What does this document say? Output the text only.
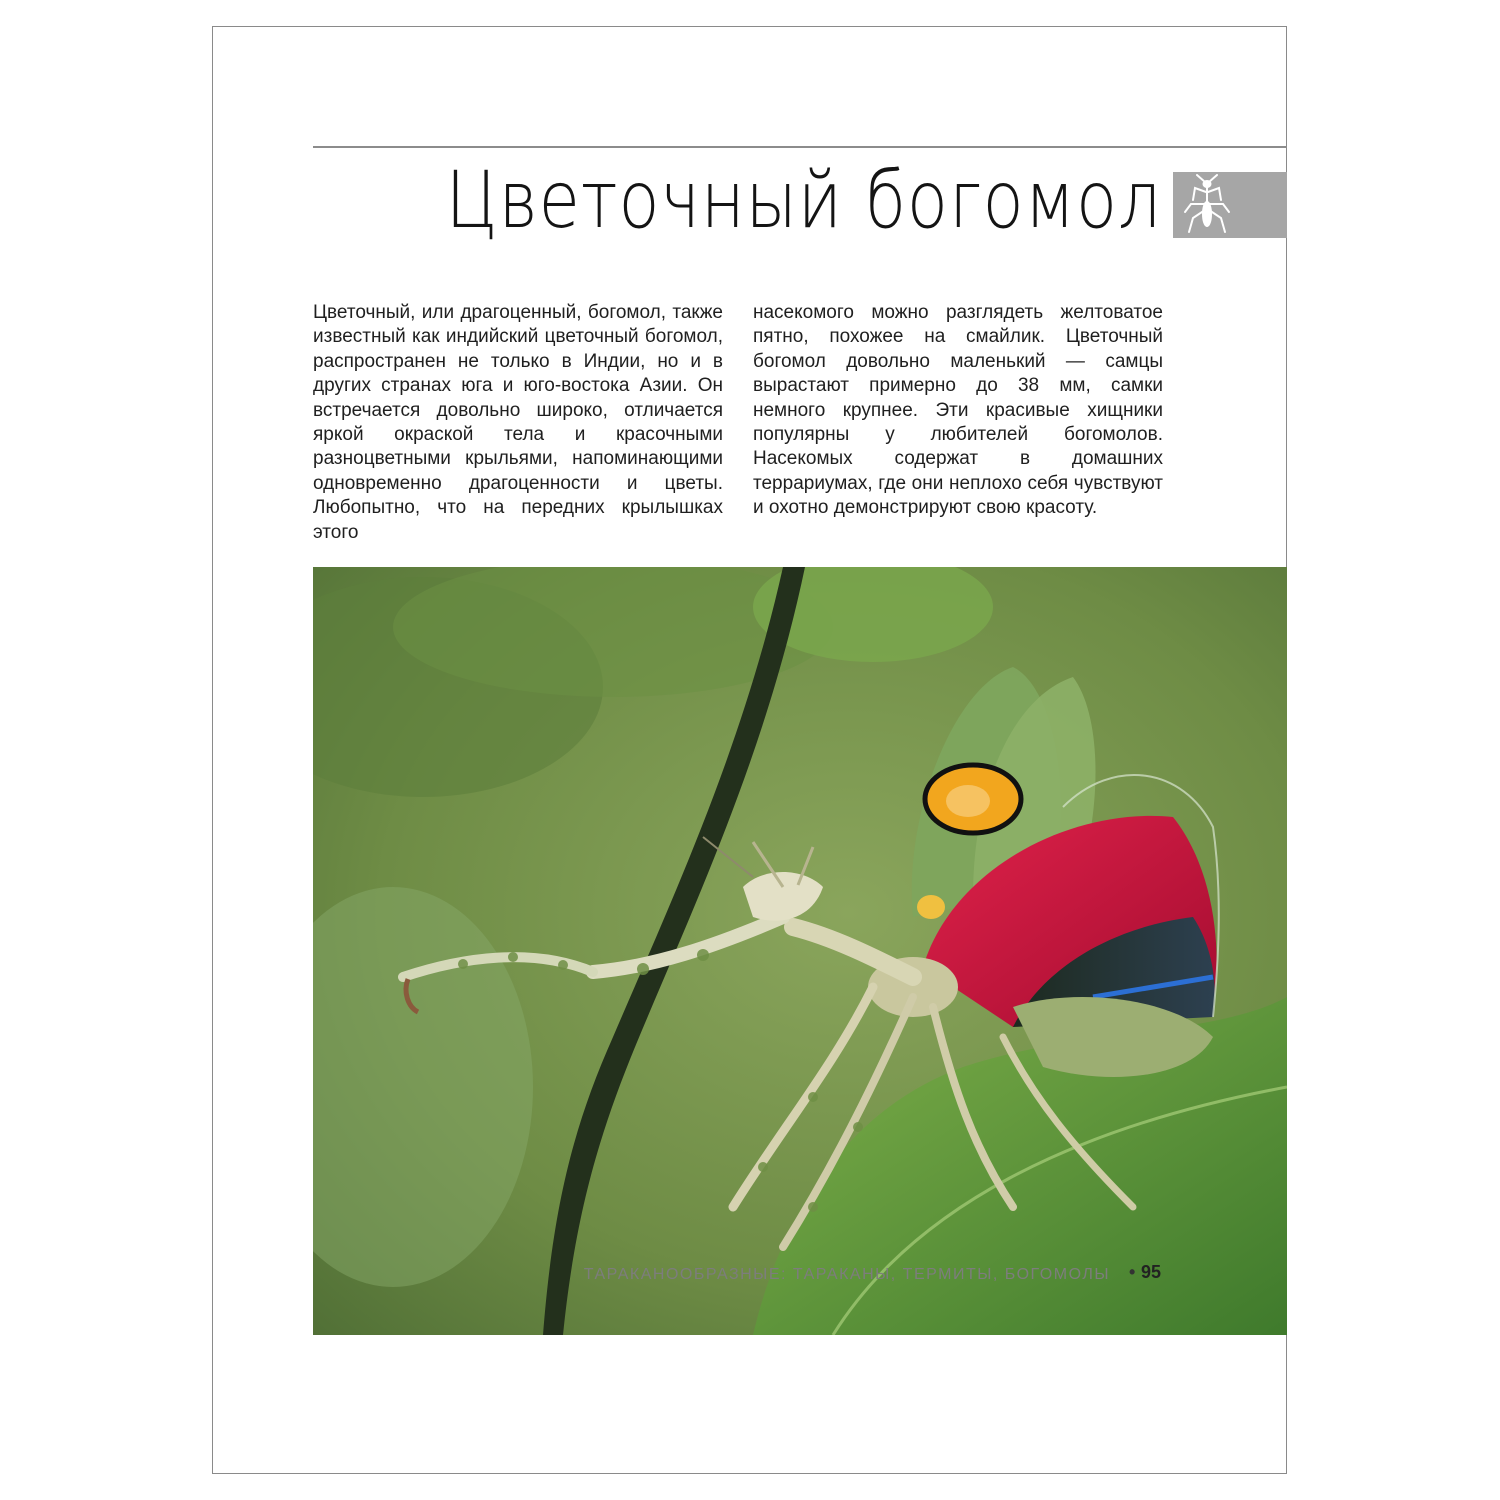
Цветочный богомол

Цветочный, или драгоценный, богомол, также известный как индийский цветочный богомол, распространен не только в Индии, но и в других странах юга и юго-востока Азии. Он встречается довольно широко, отличается яркой окраской тела и красочными разноцветными крыльями, напоминающими одновременно драгоценности и цветы. Любопытно, что на передних крылышках этого

насекомого можно разглядеть желтоватое пятно, похожее на смайлик. Цветочный богомол довольно маленький — самцы вырастают примерно до 38 мм, самки немного крупнее. Эти красивые хищники популярны у любителей богомолов. Насекомых содержат в домашних террариумах, где они неплохо себя чувствуют и охотно демонстрируют свою красоту.

ТАРАКАНООБРАЗНЫЕ: ТАРАКАНЫ, ТЕРМИТЫ, БОГОМОЛЫ • 95
